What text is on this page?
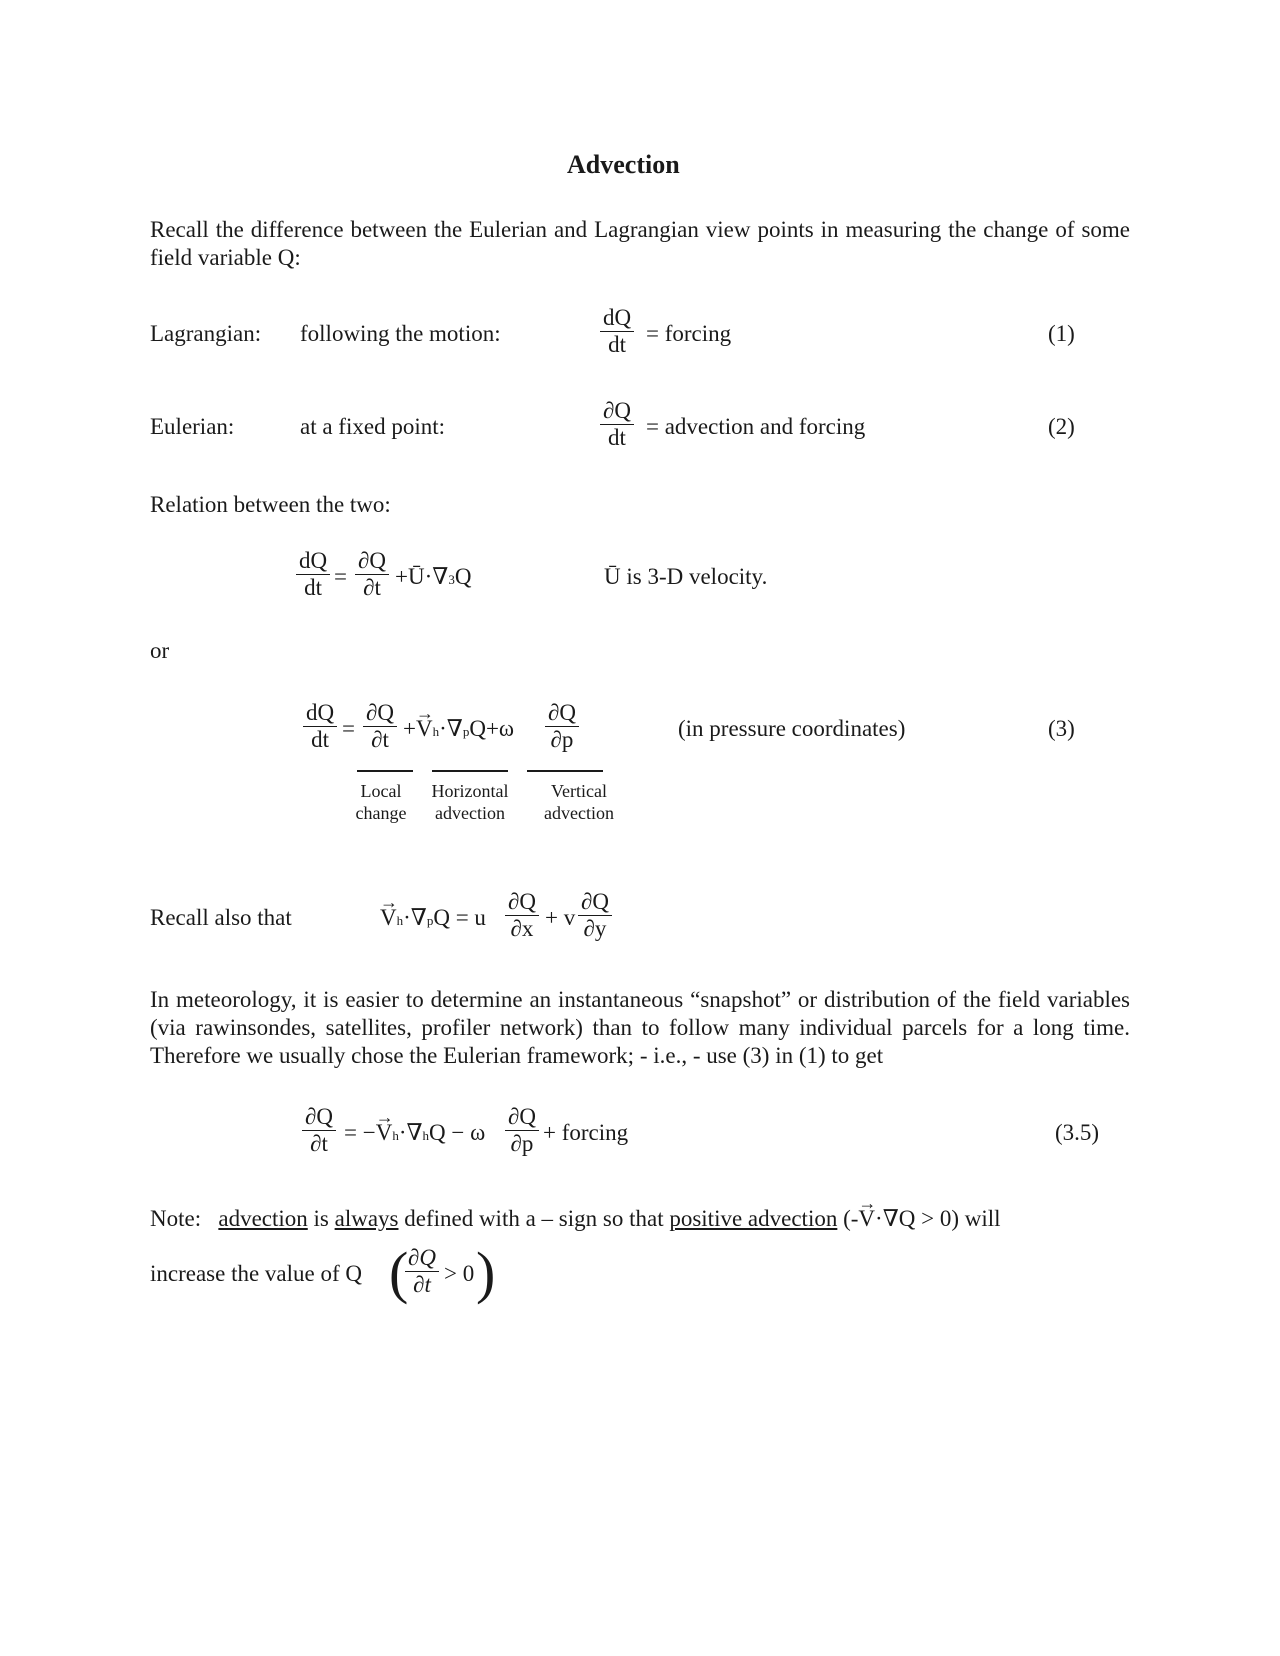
Advection
Recall the difference between the Eulerian and Lagrangian view points in measuring the change of some field variable Q:
Lagrangian: following the motion:	$\frac{dQ}{dt}$ = forcing	(1)
Eulerian:	at a fixed point:	$\frac{\partial Q}{dt}$ = advection and forcing	(2)
Relation between the two:
$\frac{dQ}{dt} = \frac{\partial Q}{\partial t}$ +Ū·∇3Q	Ū is 3-D velocity.
or
$\frac{dQ}{dt} = \frac{\partial Q}{\partial t} +\to Vh\cdot\nabla pQ+\omega \frac{\partial Q}{\partial p}$	(in pressure coordinates)	(3)
Local
change
Horizontal
advection
Vertical
advection
Recall also that
→	Vh·∇pQ = u $\frac{\partial Q}{\partial x} + v \frac{\partial Q}{\partial y}$
In meteorology, it is easier to determine an instantaneous “snapshot” or distribution of the field variables (via rawinsondes, satellites, profiler network) than to follow many individual parcels for a long time. Therefore we usually chose the Eulerian framework; - i.e., - use (3) in (1) to get
$\frac{\partial Q}{\partial t}$ = −→ Vh·∇hQ − ω $\frac{\partial Q}{\partial p}$ + forcing	(3.5)
Note: advection is always defined with a – sign so that positive advection (-→ V·∇Q > 0) will
increase the value of Q (
$\frac{\partial Q}{\partial t} > 0$ )
